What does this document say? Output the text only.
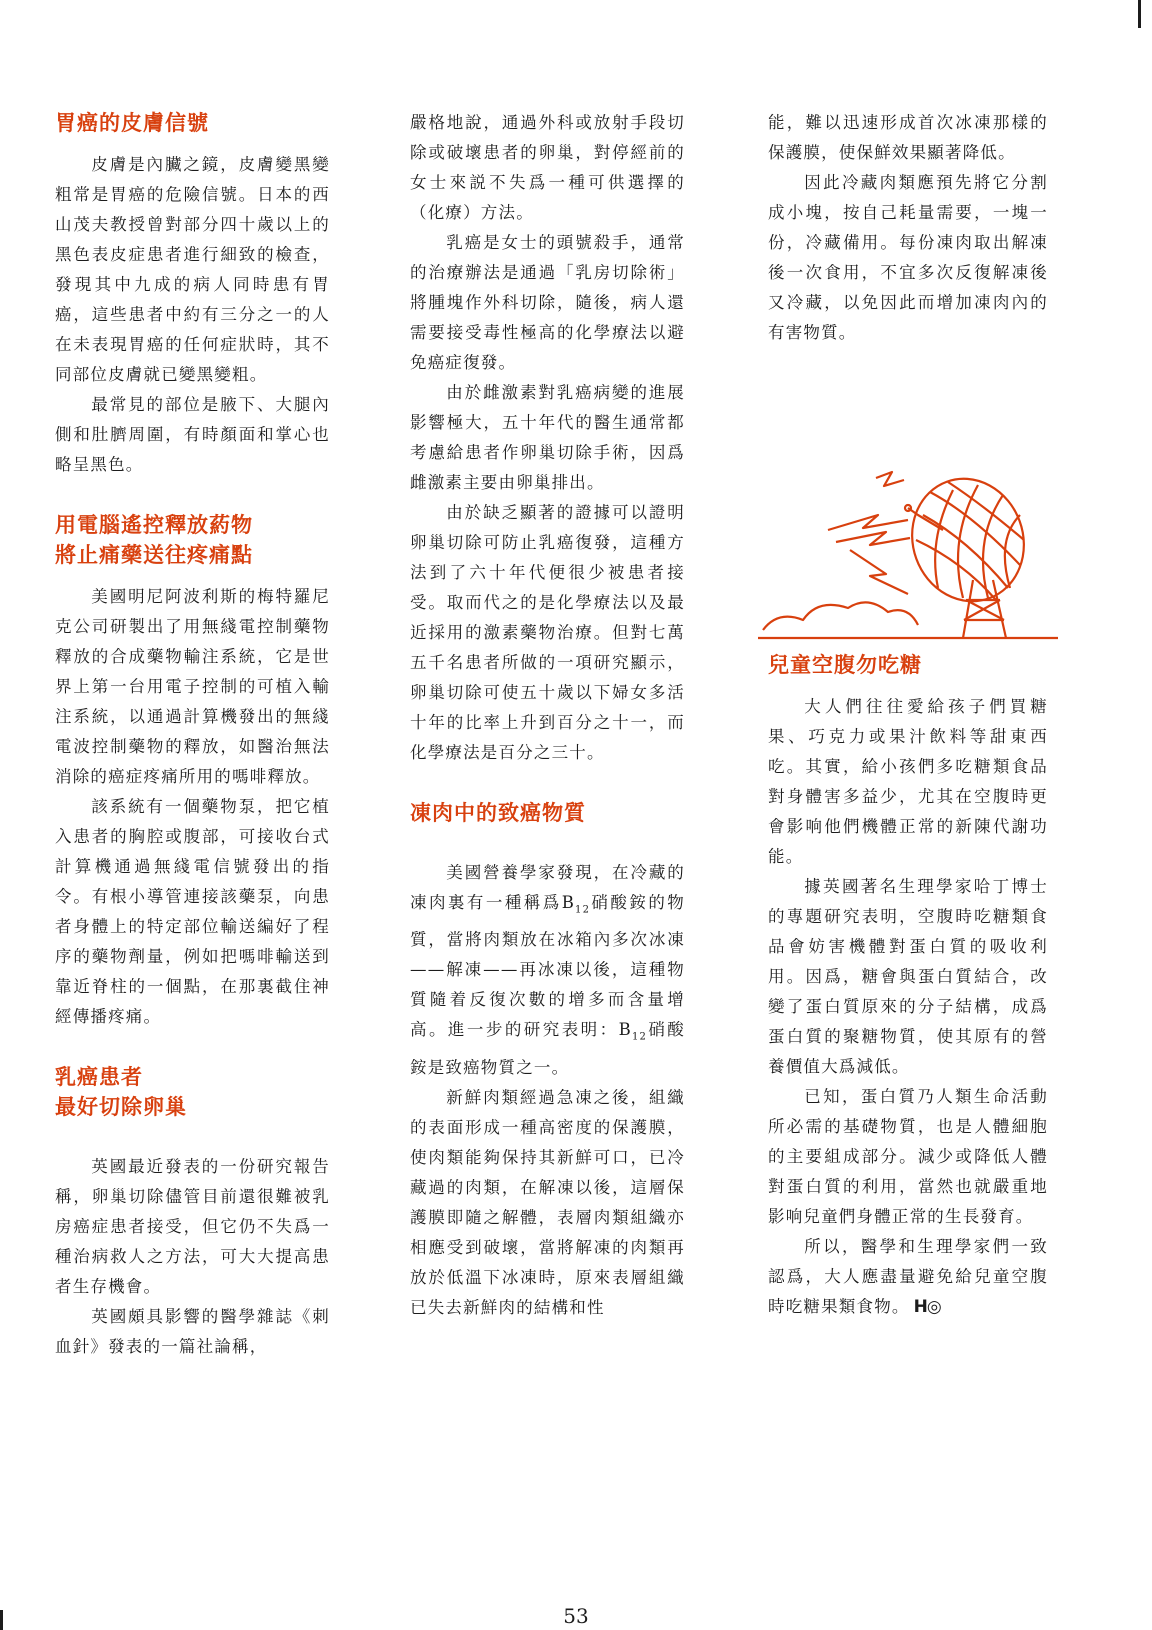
胃癌的皮膚信號

皮膚是內臟之鏡，皮膚變黑變粗常是胃癌的危險信號。日本的西山茂夫教授曾對部分四十歲以上的黑色表皮症患者進行細致的檢查，發現其中九成的病人同時患有胃癌，這些患者中約有三分之一的人在未表現胃癌的任何症狀時，其不同部位皮膚就已變黑變粗。

最常見的部位是腋下、大腿內側和肚臍周圍，有時顏面和掌心也略呈黑色。

用電腦遙控釋放葯物
將止痛藥送往疼痛點

美國明尼阿波利斯的梅特羅尼克公司研製出了用無綫電控制藥物釋放的合成藥物輸注系統，它是世界上第一台用電子控制的可植入輸注系統，以通過計算機發出的無綫電波控制藥物的釋放，如醫治無法消除的癌症疼痛所用的嗎啡釋放。

該系統有一個藥物泵，把它植入患者的胸腔或腹部，可接收台式計算機通過無綫電信號發出的指令。有根小導管連接該藥泵，向患者身體上的特定部位輸送編好了程序的藥物劑量，例如把嗎啡輸送到靠近脊柱的一個點，在那裏截住神經傳播疼痛。

乳癌患者
最好切除卵巢

英國最近發表的一份研究報告稱，卵巢切除儘管目前還很難被乳房癌症患者接受，但它仍不失爲一種治病救人之方法，可大大提高患者生存機會。

英國頗具影響的醫學雜誌《刺血針》發表的一篇社論稱，

嚴格地說，通過外科或放射手段切除或破壞患者的卵巢，對停經前的女士來説不失爲一種可供選擇的（化療）方法。

乳癌是女士的頭號殺手，通常的治療辦法是通過「乳房切除術」將腫塊作外科切除，隨後，病人還需要接受毒性極高的化學療法以避免癌症復發。

由於雌激素對乳癌病變的進展影響極大，五十年代的醫生通常都考慮給患者作卵巢切除手術，因爲雌激素主要由卵巢排出。

由於缺乏顯著的證據可以證明卵巢切除可防止乳癌復發，這種方法到了六十年代便很少被患者接受。取而代之的是化學療法以及最近採用的激素藥物治療。但對七萬五千名患者所做的一項研究顯示，卵巢切除可使五十歲以下婦女多活十年的比率上升到百分之十一，而化學療法是百分之三十。

凍肉中的致癌物質

美國營養學家發現，在冷藏的凍肉裏有一種稱爲$B_{12}$硝酸銨的物質，當將肉類放在冰箱內多次冰凍——解凍——再冰凍以後，這種物質隨着反復次數的增多而含量增高。進一步的研究表明：$B_{12}$硝酸銨是致癌物質之一。

新鮮肉類經過急凍之後，組織的表面形成一種高密度的保護膜，使肉類能夠保持其新鮮可口，已冷藏過的肉類，在解凍以後，這層保護膜即隨之解體，表層肉類組織亦相應受到破壞，當將解凍的肉類再放於低溫下冰凍時，原來表層組織已失去新鮮肉的結構和性

能，難以迅速形成首次冰凍那樣的保護膜，使保鮮效果顯著降低。

因此冷藏肉類應預先將它分割成小塊，按自己耗量需要，一塊一份，冷藏備用。每份凍肉取出解凍後一次食用，不宜多次反復解凍後又冷藏，以免因此而增加凍肉內的有害物質。

兒童空腹勿吃糖

大人們往往愛給孩子們買糖果、巧克力或果汁飲料等甜東西吃。其實，給小孩們多吃糖類食品對身體害多益少，尤其在空腹時更會影响他們機體正常的新陳代謝功能。

據英國著名生理學家哈丁博士的專題研究表明，空腹時吃糖類食品會妨害機體對蛋白質的吸收利用。因爲，糖會與蛋白質結合，改變了蛋白質原來的分子結構，成爲蛋白質的聚糖物質，使其原有的營養價值大爲減低。

已知，蛋白質乃人類生命活動所必需的基礎物質，也是人體細胞的主要組成部分。減少或降低人體對蛋白質的利用，當然也就嚴重地影响兒童們身體正常的生長發育。

所以，醫學和生理學家們一致認爲，大人應盡量避免給兒童空腹時吃糖果類食物。 H◎

53
